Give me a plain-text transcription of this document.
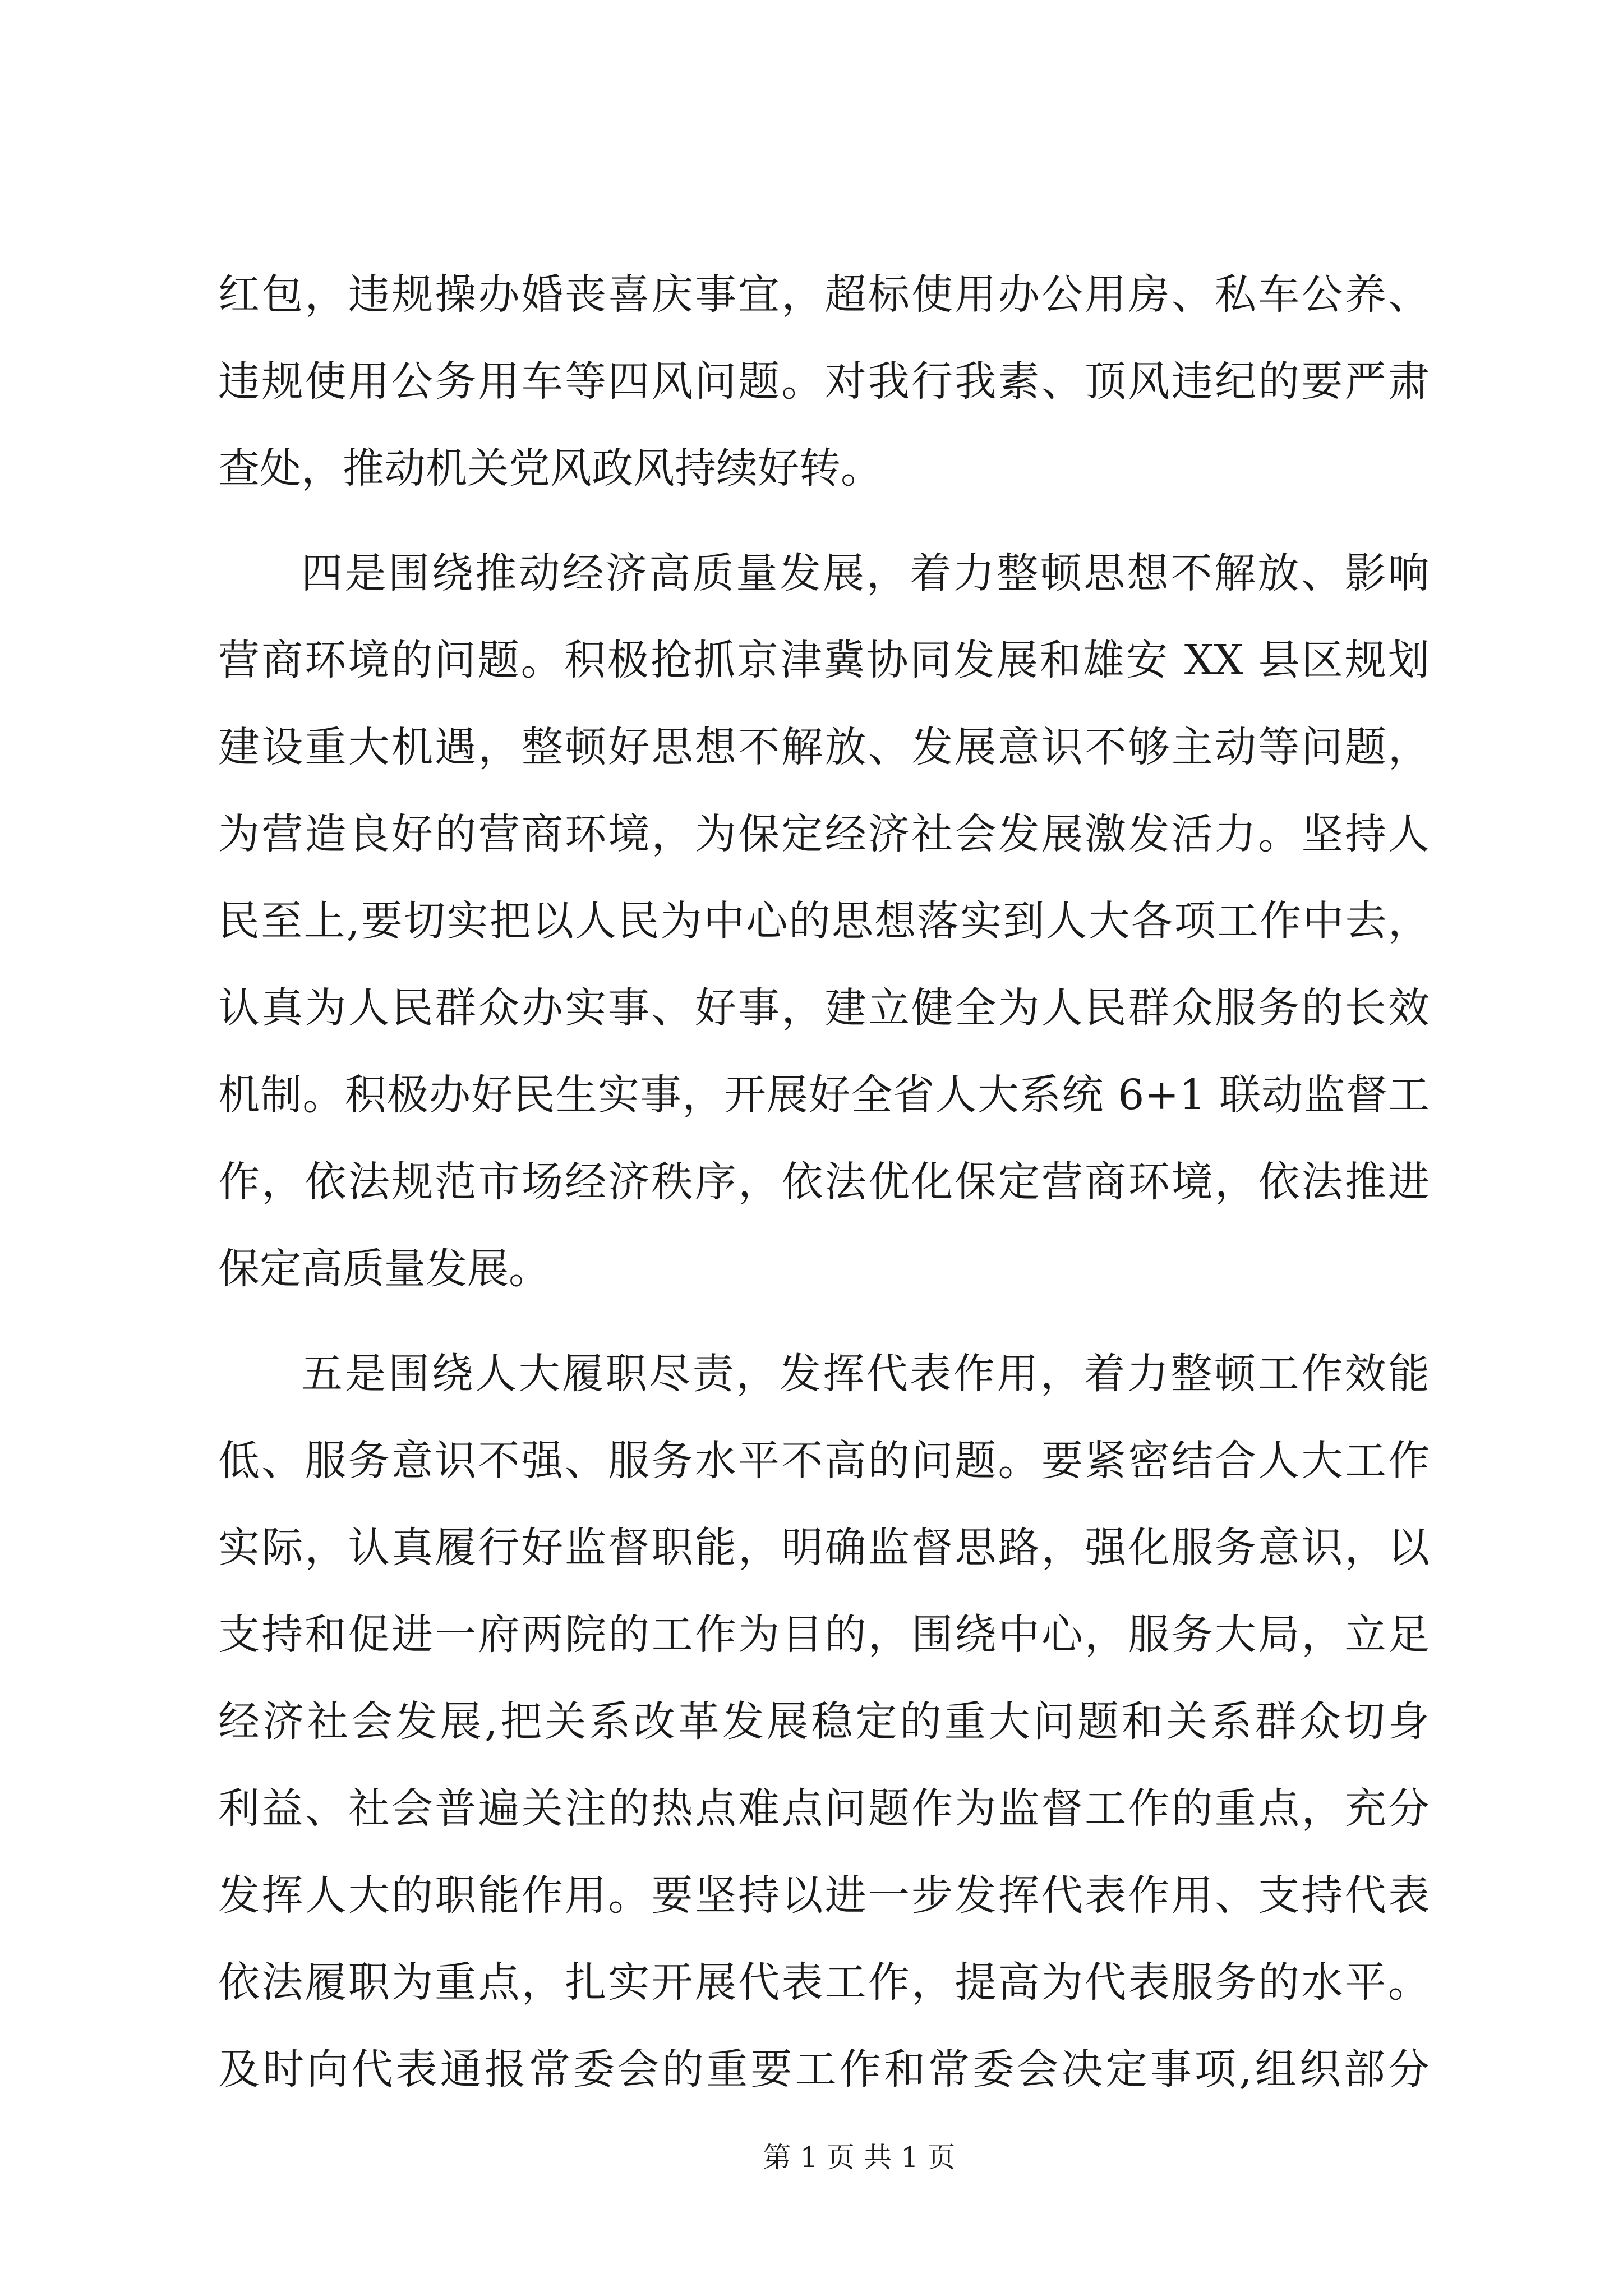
红包，违规操办婚丧喜庆事宜，超标使用办公用房、私车公养、
违规使用公务用车等四风问题。对我行我素、顶风违纪的要严肃
查处，推动机关党风政风持续好转。
四是围绕推动经济高质量发展，着力整顿思想不解放、影响
营商环境的问题。积极抢抓京津冀协同发展和雄安 XX 县区规划
建设重大机遇，整顿好思想不解放、发展意识不够主动等问题，
为营造良好的营商环境，为保定经济社会发展激发活力。坚持人
民至上,要切实把以人民为中心的思想落实到人大各项工作中去，
认真为人民群众办实事、好事，建立健全为人民群众服务的长效
机制。积极办好民生实事，开展好全省人大系统 6+1 联动监督工
作，依法规范市场经济秩序，依法优化保定营商环境，依法推进
保定高质量发展。
五是围绕人大履职尽责，发挥代表作用，着力整顿工作效能
低、服务意识不强、服务水平不高的问题。要紧密结合人大工作
实际，认真履行好监督职能，明确监督思路，强化服务意识，以
支持和促进一府两院的工作为目的，围绕中心，服务大局，立足
经济社会发展,把关系改革发展稳定的重大问题和关系群众切身
利益、社会普遍关注的热点难点问题作为监督工作的重点，充分
发挥人大的职能作用。要坚持以进一步发挥代表作用、支持代表
依法履职为重点，扎实开展代表工作，提高为代表服务的水平。
及时向代表通报常委会的重要工作和常委会决定事项,组织部分
第 1 页 共 1 页
